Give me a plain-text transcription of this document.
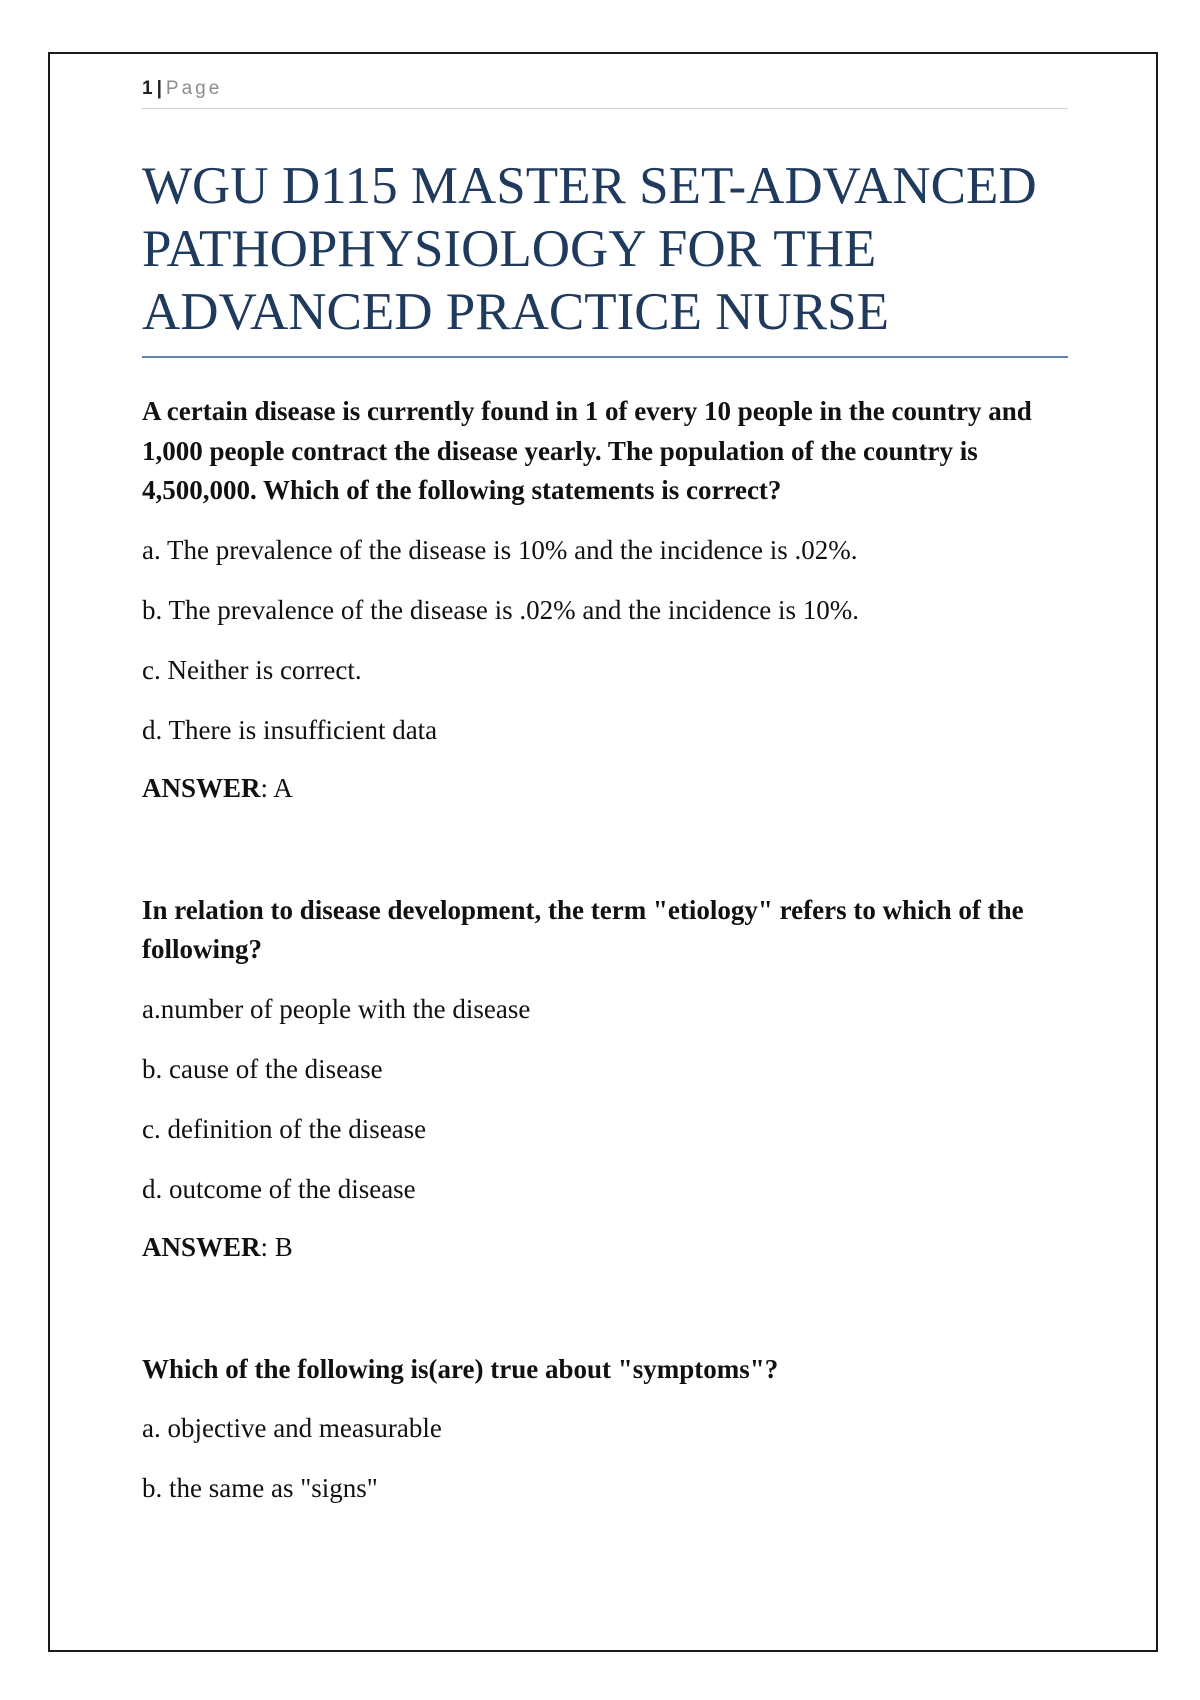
1 | Page
WGU D115 MASTER SET-ADVANCED PATHOPHYSIOLOGY FOR THE ADVANCED PRACTICE NURSE
A certain disease is currently found in 1 of every 10 people in the country and 1,000 people contract the disease yearly. The population of the country is 4,500,000. Which of the following statements is correct?
a. The prevalence of the disease is 10% and the incidence is .02%.
b. The prevalence of the disease is .02% and the incidence is 10%.
c. Neither is correct.
d. There is insufficient data
ANSWER: A
In relation to disease development, the term "etiology" refers to which of the following?
a.number of people with the disease
b. cause of the disease
c. definition of the disease
d. outcome of the disease
ANSWER: B
Which of the following is(are) true about "symptoms"?
a. objective and measurable
b. the same as "signs"
